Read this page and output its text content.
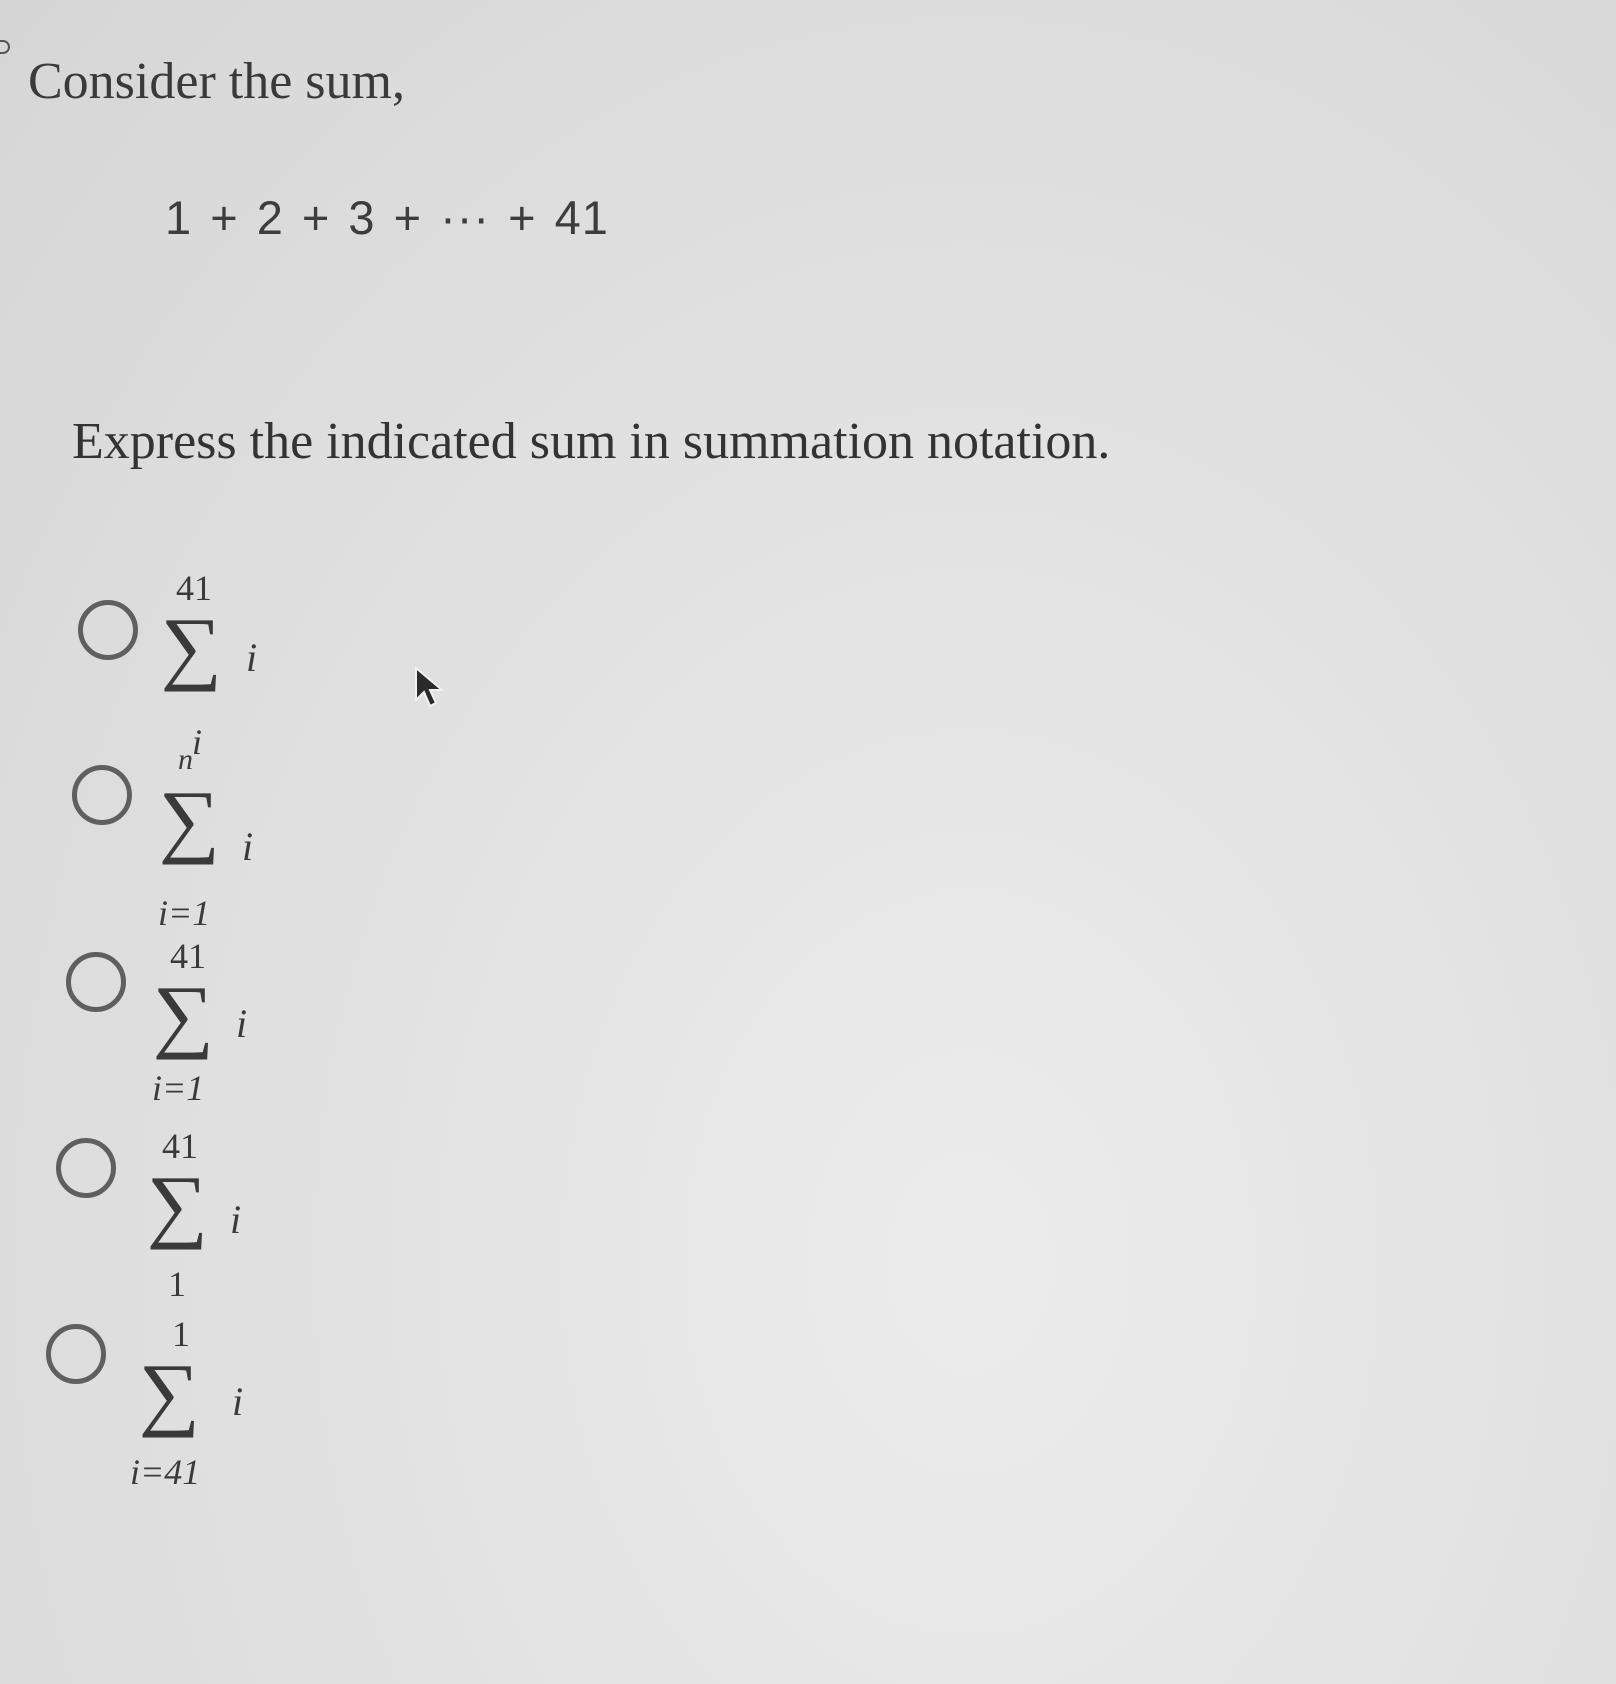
Consider the sum,

1 + 2 + 3 + ··· + 41

Express the indicated sum in summation notation.

41
∑ i
i
n
∑ i
i=1
41
∑ i
i=1
41
∑ i
1
1
∑ i
i=41
